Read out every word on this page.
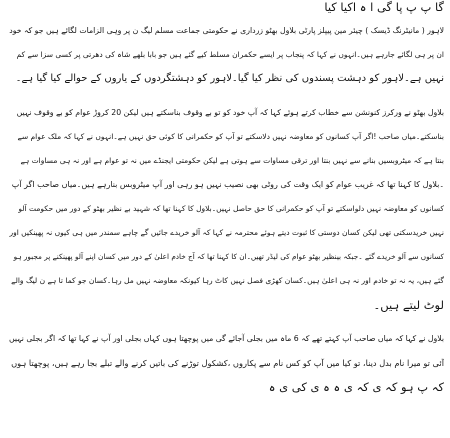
گا پ پ پا گی ا ہ اکیا کیا

لاہور ( مانیٹرنگ ڈیسک ) چیئر مین پیپلز پارٹی بلاول بھٹو زرداری نے حکومتی جماعت مسلم لیگ ن پر وہی الزامات لگائے ہیں جو کہ خود

ان پر ہی لگائے جارہے ہیں۔انہوں نے کہا کہ پنجاب پر ایسے حکمران مسلط کیے گئے ہیں جو بابا بلھے شاہ کی دھرتی پر کسی سزا سے کم

نہیں ہے۔لاہور کو دہشت پسندوں کی نظر کیا گیا۔لاہور کو دہشتگردوں کے یاروں کے حوالے کیا گیا ہے۔

بلاول بھٹو نے ورکرز کنونشن سے خطاب کرتے ہوئے کہا کہ آپ خود کو تو بے وقوف بناسکتے ہیں لیکن 20 کروڑ عوام کو بے وقوف نہیں

بناسکتے۔میاں صاحب !اگر آپ کسانوں کو معاوضہ نہیں دلاسکتے تو آپ کو حکمرانی کا کوئی حق نہیں ہے۔انہوں نے کہا کہ ملک عوام سے

بنتا ہے کہ میٹروبسیں بنانے سے نہیں بنتا اور ترقی مساوات سے ہوتی ہے لیکن حکومتی ایجنڈے میں نہ تو عوام ہے اور نہ ہی مساوات ہے

۔بلاول کا کہنا تھا کہ غریب عوام کو ایک وقت کی روٹی بھی نصیب نہیں ہو رہی اور آپ میٹروبس بنارہے ہیں۔میاں صاحب اگر آپ

کسانوں کو معاوضہ نہیں دلواسکتے تو آپ کو حکمرانی کا حق حاصل نہیں۔بلاول کا کہنا تھا کہ شہید بے نظیر بھٹو کے دور میں حکومت آلو

نہیں خریدسکتی تھی لیکن کسان دوستی کا ثبوت دیتے ہوئے محترمہ نے کہا کہ آلو خریدے جائیں گے چاہے سمندر میں ہی کیوں نہ پھینکیں اور

کسانوں سے آلو خریدے گئے ۔جبکہ بینظیر بھٹو عوام کی لیڈر تھیں۔ان کا کہنا تھا کہ آج خادم اعلیٰ کے دور میں کسان اپنے آلو پھینکنے پر مجبور ہو

گئے ہیں، یہ نہ تو خادم اور نہ ہی اعلیٰ ہیں۔کسان کھڑی فصل نہیں کاٹ رہا کیونکہ معاوضہ نہیں مل رہا۔کسان جو کما تا ہے ن لیگ والے

لوٹ لیتے ہیں۔

بلاول نے کہا کہ میاں صاحب آپ کہتے تھے کہ 6 ماہ میں بجلی آجائے گی میں پوچھتا ہوں کہاں بجلی اور آپ نے کہا تھا کہ اگر بجلی نہیں

آئی تو میرا نام بدل دینا، تو کیا میں آپ کو کس نام سے پکاروں ،کشکول توڑنے کی باتیں کرنے والے تبلے بجا رہے ہیں، پوچھتا ہوں

کہ پ ہو کہ ی کہ ی ہ ہ ی کی ی ہ
